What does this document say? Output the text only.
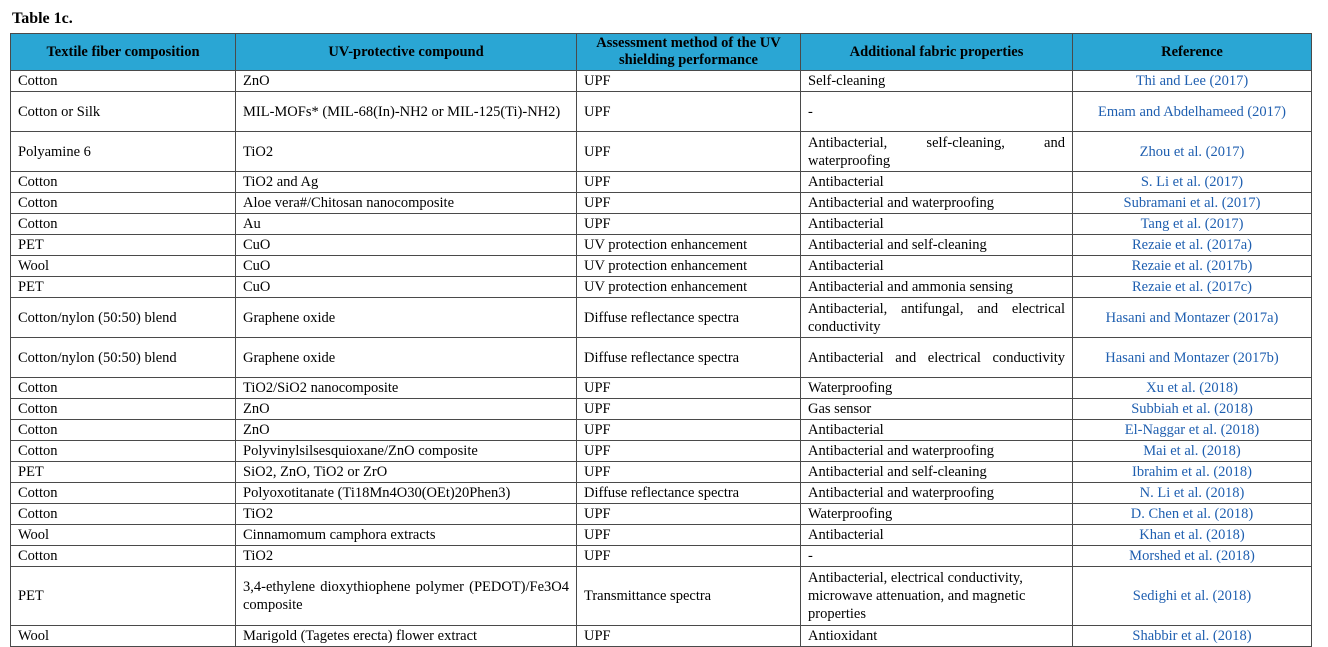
Table 1c.
Textile fiber composition	UV-protective compound	Assessment method of the UV shielding performance	Additional fabric properties	Reference
Cotton	ZnO	UPF	Self-cleaning	Thi and Lee (2017)
Cotton or Silk	MIL-MOFs* (MIL-68(In)-NH2 or MIL-125(Ti)-NH2)	UPF	-	Emam and Abdelhameed (2017)
Polyamine 6	TiO2	UPF	Antibacterial, self-cleaning, and waterproofing	Zhou et al. (2017)
Cotton	TiO2 and Ag	UPF	Antibacterial	S. Li et al. (2017)
Cotton	Aloe vera#/Chitosan nanocomposite	UPF	Antibacterial and waterproofing	Subramani et al. (2017)
Cotton	Au	UPF	Antibacterial	Tang et al. (2017)
PET	CuO	UV protection enhancement	Antibacterial and self-cleaning	Rezaie et al. (2017a)
Wool	CuO	UV protection enhancement	Antibacterial	Rezaie et al. (2017b)
PET	CuO	UV protection enhancement	Antibacterial and ammonia sensing	Rezaie et al. (2017c)
Cotton/nylon (50:50) blend	Graphene oxide	Diffuse reflectance spectra	Antibacterial, antifungal, and electrical conductivity	Hasani and Montazer (2017a)
Cotton/nylon (50:50) blend	Graphene oxide	Diffuse reflectance spectra	Antibacterial and electrical conductivity	Hasani and Montazer (2017b)
Cotton	TiO2/SiO2 nanocomposite	UPF	Waterproofing	Xu et al. (2018)
Cotton	ZnO	UPF	Gas sensor	Subbiah et al. (2018)
Cotton	ZnO	UPF	Antibacterial	El-Naggar et al. (2018)
Cotton	Polyvinylsilsesquioxane/ZnO composite	UPF	Antibacterial and waterproofing	Mai et al. (2018)
PET	SiO2, ZnO, TiO2 or ZrO	UPF	Antibacterial and self-cleaning	Ibrahim et al. (2018)
Cotton	Polyoxotitanate (Ti18Mn4O30(OEt)20Phen3)	Diffuse reflectance spectra	Antibacterial and waterproofing	N. Li et al. (2018)
Cotton	TiO2	UPF	Waterproofing	D. Chen et al. (2018)
Wool	Cinnamomum camphora extracts	UPF	Antibacterial	Khan et al. (2018)
Cotton	TiO2	UPF	-	Morshed et al. (2018)
PET	3,4-ethylene dioxythiophene polymer (PEDOT)/Fe3O4 composite	Transmittance spectra	Antibacterial, electrical conductivity, microwave attenuation, and magnetic properties	Sedighi et al. (2018)
Wool	Marigold (Tagetes erecta) flower extract	UPF	Antioxidant	Shabbir et al. (2018)
